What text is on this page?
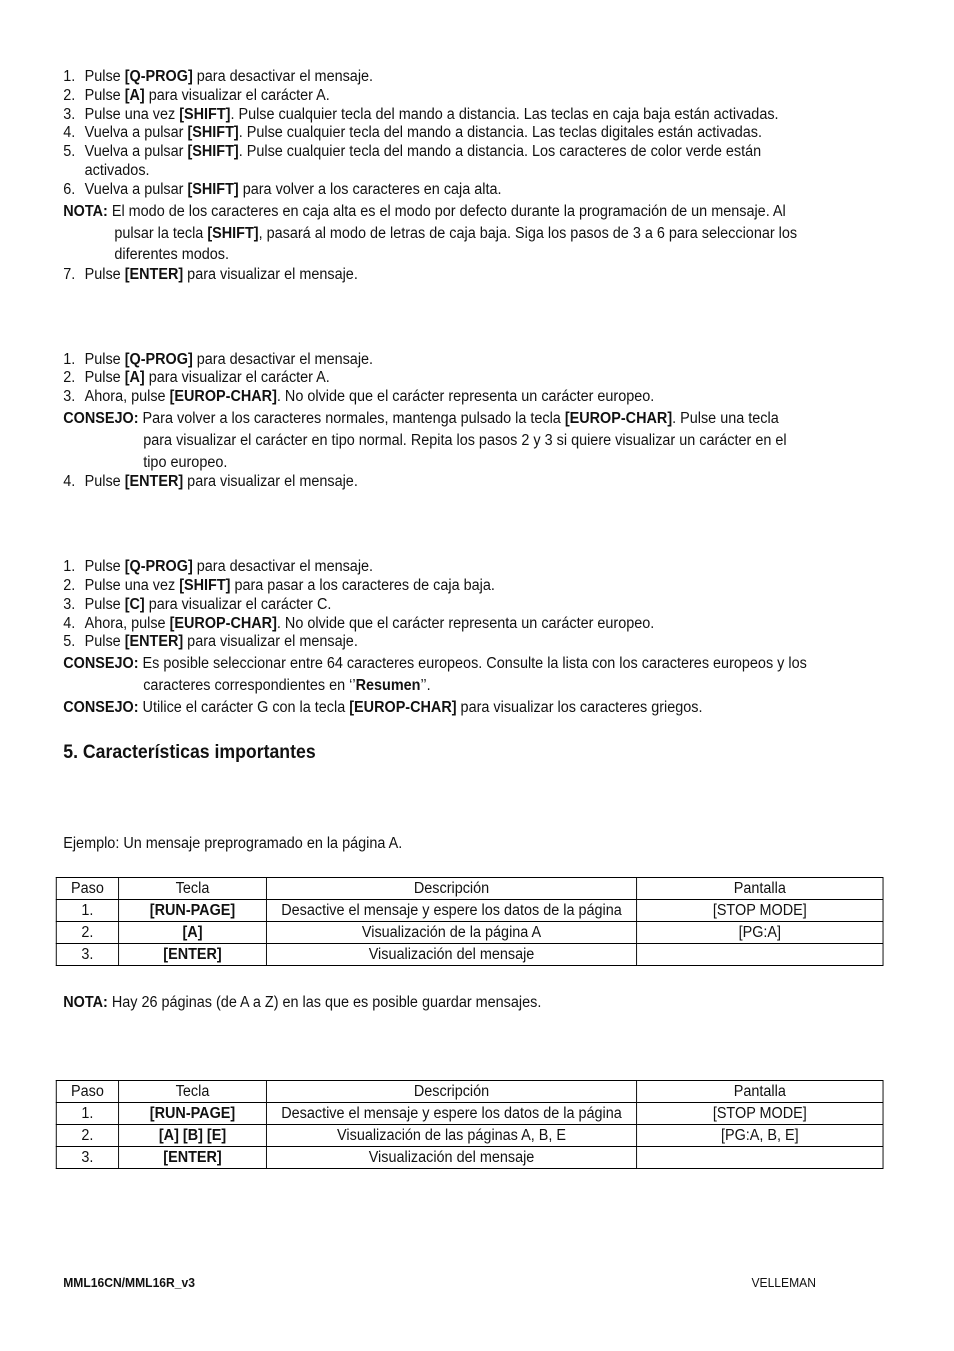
1. Pulse [Q-PROG] para desactivar el mensaje.
2. Pulse [A] para visualizar el carácter A.
3. Pulse una vez [SHIFT]. Pulse cualquier tecla del mando a distancia. Las teclas en caja baja están activadas.
4. Vuelva a pulsar [SHIFT]. Pulse cualquier tecla del mando a distancia. Las teclas digitales están activadas.
5. Vuelva a pulsar [SHIFT]. Pulse cualquier tecla del mando a distancia. Los caracteres de color verde están
activados.
6. Vuelva a pulsar [SHIFT] para volver a los caracteres en caja alta.
NOTA: El modo de los caracteres en caja alta es el modo por defecto durante la programación de un mensaje. Al
pulsar la tecla [SHIFT], pasará al modo de letras de caja baja. Siga los pasos de 3 a 6 para seleccionar los
diferentes modos.
7. Pulse [ENTER] para visualizar el mensaje.
1. Pulse [Q-PROG] para desactivar el mensaje.
2. Pulse [A] para visualizar el carácter A.
3. Ahora, pulse [EUROP-CHAR]. No olvide que el carácter representa un carácter europeo.
CONSEJO: Para volver a los caracteres normales, mantenga pulsado la tecla [EUROP-CHAR]. Pulse una tecla
para visualizar el carácter en tipo normal. Repita los pasos 2 y 3 si quiere visualizar un carácter en el
tipo europeo.
4. Pulse [ENTER] para visualizar el mensaje.
1. Pulse [Q-PROG] para desactivar el mensaje.
2. Pulse una vez [SHIFT] para pasar a los caracteres de caja baja.
3. Pulse [C] para visualizar el carácter C.
4. Ahora, pulse [EUROP-CHAR]. No olvide que el carácter representa un carácter europeo.
5. Pulse [ENTER] para visualizar el mensaje.
CONSEJO: Es posible seleccionar entre 64 caracteres europeos. Consulte la lista con los caracteres europeos y los
caracteres correspondientes en ‘’Resumen’’.
CONSEJO: Utilice el carácter G con la tecla [EUROP-CHAR] para visualizar los caracteres griegos.
5. Características importantes
Ejemplo: Un mensaje preprogramado en la página A.
Paso	Tecla	Descripción	Pantalla
1.	[RUN-PAGE]	Desactive el mensaje y espere los datos de la página	[STOP MODE]
2.	[A]	Visualización de la página A	[PG:A]
3.	[ENTER]	Visualización del mensaje	
NOTA: Hay 26 páginas (de A a Z) en las que es posible guardar mensajes.
Paso	Tecla	Descripción	Pantalla
1.	[RUN-PAGE]	Desactive el mensaje y espere los datos de la página	[STOP MODE]
2.	[A] [B] [E]	Visualización de las páginas A, B, E	[PG:A, B, E]
3.	[ENTER]	Visualización del mensaje	
MML16CN/MML16R_v3	VELLEMAN
